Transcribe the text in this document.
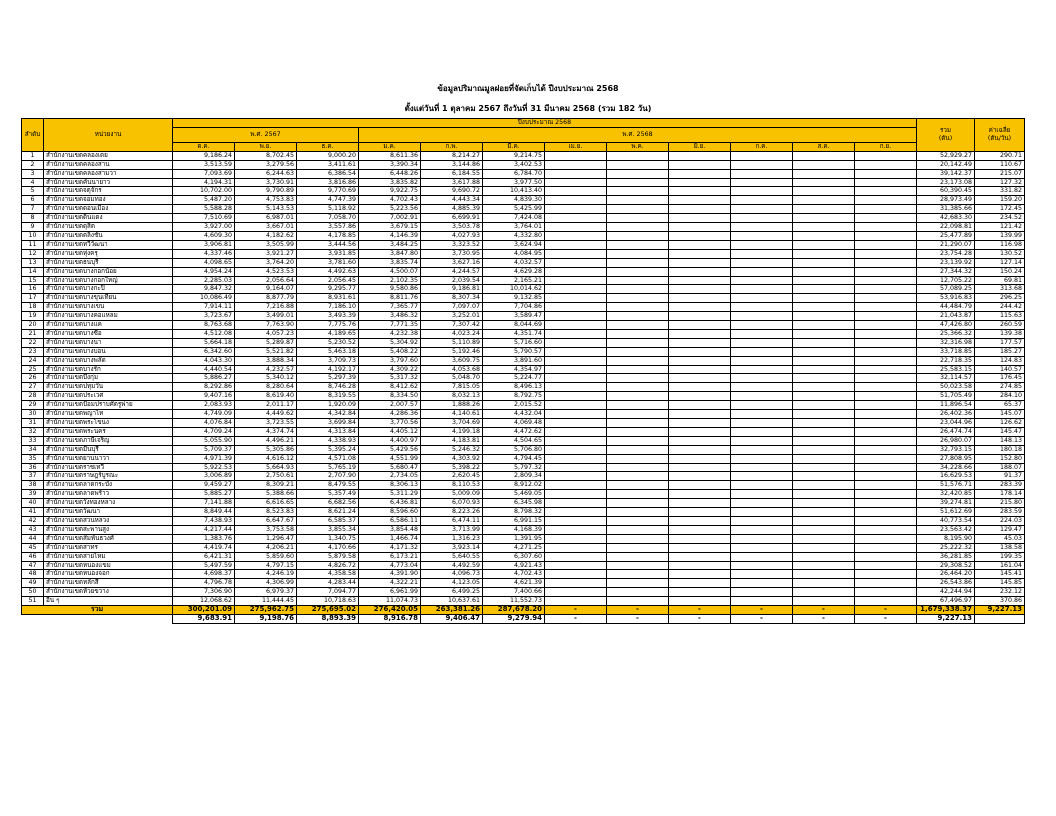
ข้อมูลปริมาณมูลฝอยที่จัดเก็บได้ ปีงบประมาณ 2568
ตั้งแต่วันที่ 1 ตุลาคม 2567 ถึงวันที่ 31 มีนาคม 2568 (รวม 182 วัน)
ลำดับ	หน่วยงาน	ปีงบประมาณ 2568												รวม
(ตัน)	ค่าเฉลี่ย
(ตัน/วัน)
		พ.ศ. 2567			พ.ศ. 2568										
		ต.ค.	พ.ย.	ธ.ค.	ม.ค.	ก.พ.	มี.ค.	เม.ย.	พ.ค.	มิ.ย.	ก.ค.	ส.ค.	ก.ย.		
1	สำนักงานเขตคลองเตย	9,186.24	8,702.45	9,000.20	8,611.36	8,214.27	9,214.75							52,929.27	290.71
2	สำนักงานเขตคลองสาน	3,513.59	3,279.56	3,411.61	3,390.34	3,144.86	3,402.53							20,142.49	110.67
3	สำนักงานเขตคลองสามวา	7,093.69	6,244.63	6,386.54	6,448.26	6,184.55	6,784.70							39,142.37	215.07
4	สำนักงานเขตคันนายาว	4,194.31	3,730.91	3,816.86	3,835.82	3,617.88	3,977.50							23,173.08	127.32
5	สำนักงานเขตจตุจักร	10,702.00	9,790.89	9,770.69	9,922.75	9,690.72	10,413.40							60,390.45	331.82
6	สำนักงานเขตจอมทอง	5,487.20	4,753.83	4,747.39	4,702.43	4,443.34	4,839.30							28,973.49	159.20
7	สำนักงานเขตดอนเมือง	5,588.28	5,143.53	5,118.92	5,223.56	4,885.39	5,425.99							31,385.66	172.45
8	สำนักงานเขตดินแดง	7,510.69	6,987.01	7,058.70	7,002.91	6,699.91	7,424.08							42,683.30	234.52
9	สำนักงานเขตดุสิต	3,927.00	3,667.01	3,557.86	3,679.15	3,503.78	3,764.01							22,098.81	121.42
10	สำนักงานเขตตลิ่งชัน	4,609.30	4,182.62	4,178.85	4,146.39	4,027.93	4,332.80							25,477.89	139.99
11	สำนักงานเขตทวีวัฒนา	3,906.81	3,505.99	3,444.56	3,484.25	3,323.52	3,624.94							21,290.07	116.98
12	สำนักงานเขตทุ่งครุ	4,337.46	3,921.27	3,931.85	3,847.80	3,730.95	4,084.95							23,754.28	130.52
13	สำนักงานเขตธนบุรี	4,098.65	3,764.20	3,781.60	3,835.74	3,627.16	4,032.57							23,139.92	127.14
14	สำนักงานเขตบางกอกน้อย	4,954.24	4,523.53	4,492.63	4,500.07	4,244.57	4,629.28							27,344.32	150.24
15	สำนักงานเขตบางกอกใหญ่	2,285.03	2,056.64	2,056.45	2,102.35	2,039.54	2,165.21							12,705.22	69.81
16	สำนักงานเขตบางกะปิ	9,847.32	9,164.07	9,295.77	9,580.86	9,186.81	10,014.62							57,089.25	313.68
17	สำนักงานเขตบางขุนเทียน	10,086.49	8,877.79	8,931.61	8,811.76	8,307.34	9,132.85							53,916.83	296.25
18	สำนักงานเขตบางเขน	7,914.11	7,216.88	7,186.10	7,365.77	7,097.07	7,704.86							44,484.79	244.42
19	สำนักงานเขตบางคอแหลม	3,723.67	3,499.01	3,493.39	3,486.32	3,252.01	3,589.47							21,043.87	115.63
20	สำนักงานเขตบางแค	8,763.68	7,763.90	7,775.76	7,771.35	7,307.42	8,044.69							47,426.80	260.59
21	สำนักงานเขตบางซื่อ	4,512.08	4,057.23	4,189.65	4,232.38	4,023.24	4,351.74							25,366.32	139.38
22	สำนักงานเขตบางนา	5,664.18	5,289.87	5,230.52	5,304.92	5,110.89	5,716.60							32,316.98	177.57
23	สำนักงานเขตบางบอน	6,342.60	5,521.82	5,463.18	5,408.22	5,192.46	5,790.57							33,718.85	185.27
24	สำนักงานเขตบางพลัด	4,043.30	3,888.34	3,709.73	3,797.60	3,609.75	3,891.60							22,718.35	124.83
25	สำนักงานเขตบางรัก	4,440.54	4,232.57	4,192.17	4,309.22	4,053.68	4,354.97							25,583.15	140.57
26	สำนักงานเขตบึงกุ่ม	5,886.27	5,340.12	5,297.39	5,317.32	5,048.70	5,224.77							32,114.57	176.45
27	สำนักงานเขตปทุมวัน	8,292.86	8,280.64	8,746.28	8,412.62	7,815.05	8,496.13							50,023.58	274.85
28	สำนักงานเขตประเวศ	9,407.16	8,619.40	8,319.55	8,334.50	8,032.13	8,792.75							51,705.49	284.10
29	สำนักงานเขตป้อมปราบศัตรูพ่าย	2,083.93	2,011.17	1,920.09	2,007.57	1,888.26	2,015.52							11,896.54	65.37
30	สำนักงานเขตพญาไท	4,749.09	4,449.62	4,342.84	4,286.36	4,140.61	4,432.04							26,402.36	145.07
31	สำนักงานเขตพระโขนง	4,076.84	3,723.55	3,699.84	3,770.56	3,704.69	4,069.48							23,044.96	126.62
32	สำนักงานเขตพระนคร	4,709.24	4,374.74	4,313.84	4,405.12	4,199.18	4,472.62							26,474.74	145.47
33	สำนักงานเขตภาษีเจริญ	5,055.90	4,496.21	4,338.93	4,400.97	4,183.81	4,504.65							26,980.07	148.13
34	สำนักงานเขตมีนบุรี	5,709.37	5,305.86	5,395.24	5,429.56	5,246.32	5,706.80							32,793.15	180.18
35	สำนักงานเขตยานนาวา	4,971.39	4,616.12	4,571.08	4,551.99	4,303.92	4,794.45							27,808.95	152.80
36	สำนักงานเขตราชเทวี	5,922.53	5,664.93	5,765.19	5,680.47	5,398.22	5,797.32							34,228.66	188.07
37	สำนักงานเขตราษฎร์บูรณะ	3,006.89	2,750.61	2,707.90	2,734.05	2,620.45	2,809.34							16,629.53	91.37
38	สำนักงานเขตลาดกระบัง	9,459.27	8,309.21	8,479.55	8,306.13	8,110.53	8,912.02							51,576.71	283.39
39	สำนักงานเขตลาดพร้าว	5,885.27	5,388.66	5,357.49	5,311.29	5,009.09	5,469.05							32,420.85	178.14
40	สำนักงานเขตวังทองหลาง	7,141.88	6,616.65	6,682.56	6,436.81	6,070.93	6,345.98							39,274.81	215.80
41	สำนักงานเขตวัฒนา	8,849.44	8,523.83	8,621.24	8,596.60	8,223.26	8,798.32							51,612.69	283.59
42	สำนักงานเขตสวนหลวง	7,438.93	6,647.67	6,585.37	6,586.11	6,474.11	6,991.15							40,773.54	224.03
43	สำนักงานเขตสะพานสูง	4,217.44	3,753.58	3,855.34	3,854.48	3,713.99	4,168.39							23,563.42	129.47
44	สำนักงานเขตสัมพันธวงศ์	1,383.76	1,296.47	1,340.75	1,466.74	1,316.23	1,391.95							8,195.90	45.03
45	สำนักงานเขตสาทร	4,419.74	4,206.21	4,170.66	4,171.32	3,923.14	4,271.25							25,222.32	138.58
46	สำนักงานเขตสายไหม	6,421.31	5,859.60	5,879.58	6,173.21	5,640.55	6,307.60							36,281.85	199.35
47	สำนักงานเขตหนองแขม	5,497.59	4,797.15	4,826.72	4,773.04	4,492.59	4,921.43							29,308.52	161.04
48	สำนักงานเขตหนองจอก	4,698.37	4,246.19	4,358.58	4,391.90	4,096.73	4,702.43							26,464.20	145.41
49	สำนักงานเขตหลักสี่	4,796.78	4,306.99	4,283.44	4,322.21	4,123.05	4,621.39							26,543.86	145.85
50	สำนักงานเขตห้วยขวาง	7,306.90	6,979.37	7,094.77	6,961.99	6,499.25	7,400.66							42,244.94	232.12
51	อื่น ๆ	12,068.62	11,444.45	10,718.63	11,074.73	10,637.61	11,552.73							67,496.97	370.86
รวม		300,201.09	275,962.75	275,695.02	276,420.05	263,381.26	287,678.20	-	-	-	-	-	-	1,679,338.37	9,227.13
		9,683.91	9,198.76	8,893.39	8,916.78	9,406.47	9,279.94	-	-	-	-	-	-	9,227.13	
